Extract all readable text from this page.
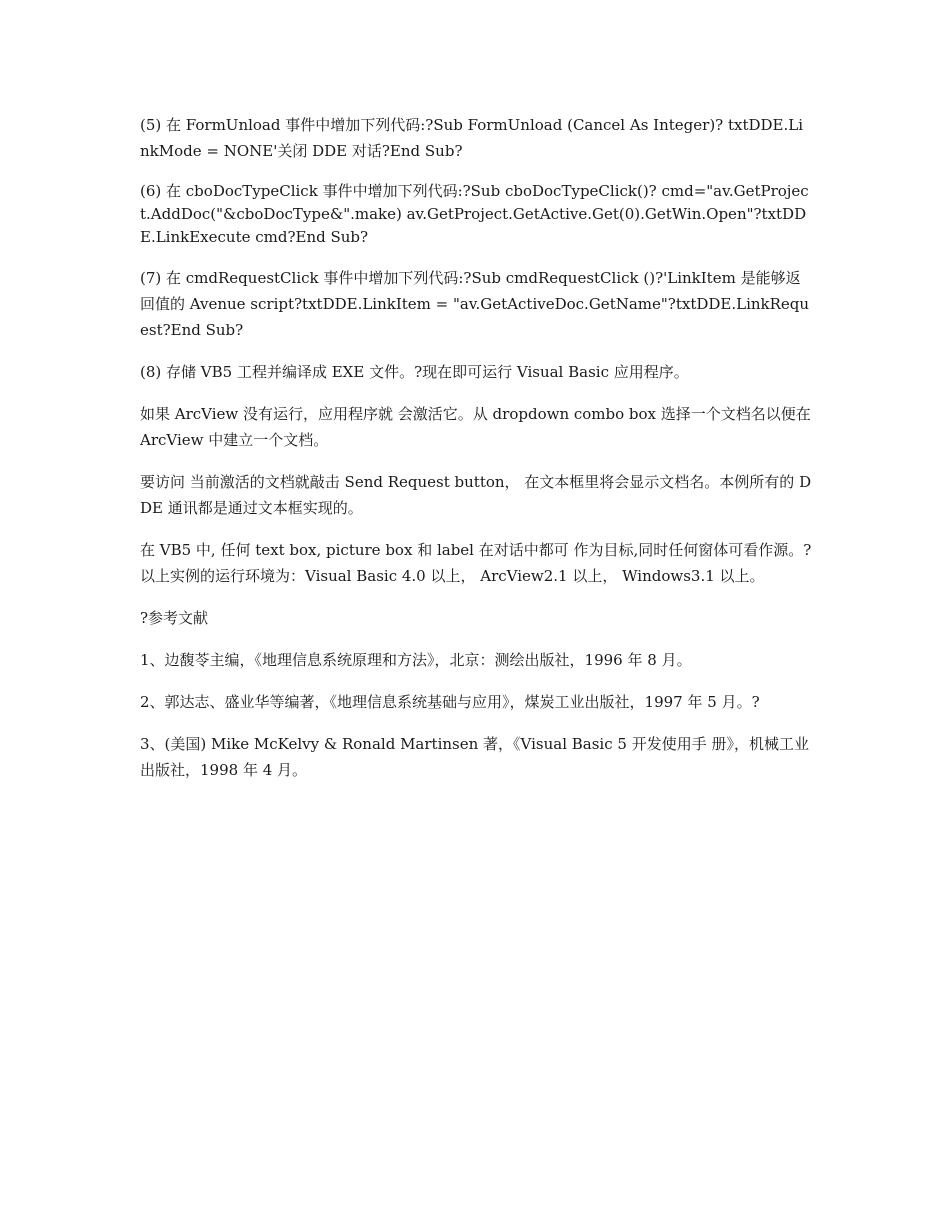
(5) 在 FormUnload 事件中增加下列代码:?Sub FormUnload (Cancel As Integer)? txtDDE.LinkMode = NONE'关闭 DDE 对话?End Sub?

(6) 在 cboDocTypeClick 事件中增加下列代码:?Sub cboDocTypeClick()? cmd="av.GetProject.AddDoc("&cboDocType&".make) av.GetProject.GetActive.Get(0).GetWin.Open"?txtDDE.LinkExecute cmd?End Sub?

(7) 在 cmdRequestClick 事件中增加下列代码:?Sub cmdRequestClick ()?'LinkItem 是能够返回值的 Avenue script?txtDDE.LinkItem = "av.GetActiveDoc.GetName"?txtDDE.LinkRequest?End Sub?

(8) 存储 VB5 工程并编译成 EXE 文件。?现在即可运行 Visual Basic 应用程序。

如果 ArcView 没有运行，应用程序就 会激活它。从 dropdown combo box 选择一个文档名以便在 ArcView 中建立一个文档。

要访问 当前激活的文档就敲击 Send Request button， 在文本框里将会显示文档名。本例所有的 DDE 通讯都是通过文本框实现的。

在 VB5 中, 任何 text box, picture box 和 label 在对话中都可 作为目标,同时任何窗体可看作源。?以上实例的运行环境为：Visual Basic 4.0 以上， ArcView2.1 以上， Windows3.1 以上。

?参考文献

1、边馥苓主编，《地理信息系统原理和方法》，北京：测绘出版社，1996 年 8 月。

2、郭达志、盛业华等编著，《地理信息系统基础与应用》，煤炭工业出版社，1997 年 5 月。?

3、(美国) Mike McKelvy & Ronald Martinsen 著，《Visual Basic 5 开发使用手 册》，机械工业出版社，1998 年 4 月。
